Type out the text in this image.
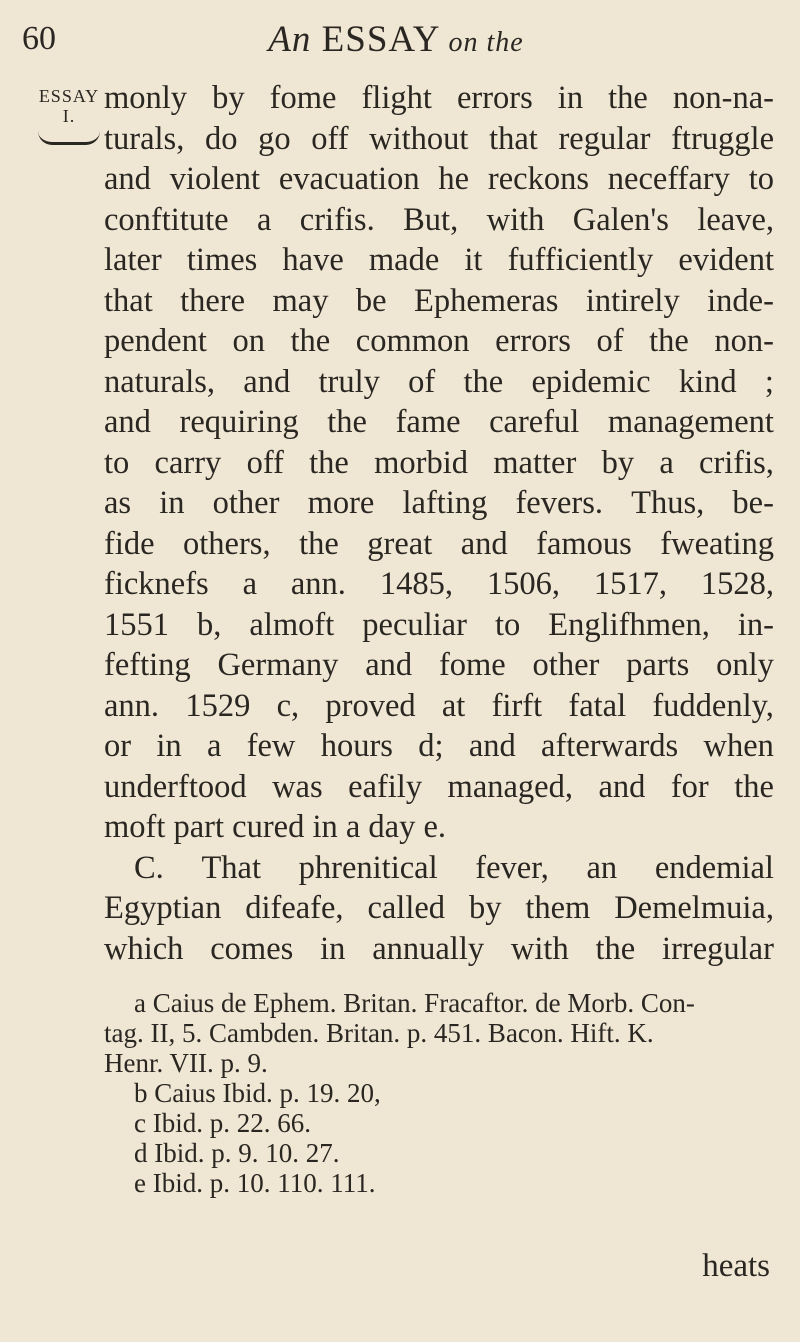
60	An ESSAY on the
ESSAY
I. monly by fome flight errors in the non-na-
turals, do go off without that regular ftruggle
and violent evacuation he reckons neceffary to
conftitute a crifis. But, with Galen's leave,
later times have made it fufficiently evident
that there may be Ephemeras intirely inde-
pendent on the common errors of the non-
naturals, and truly of the epidemic kind ;
and requiring the fame careful management
to carry off the morbid matter by a crifis,
as in other more lafting fevers. Thus, be-
fide others, the great and famous fweating
ficknefs a ann. 1485, 1506, 1517, 1528,
1551 b, almoft peculiar to Englifhmen, in-
fefting Germany and fome other parts only
ann. 1529 c, proved at firft fatal fuddenly,
or in a few hours d; and afterwards when
underftood was eafily managed, and for the
moft part cured in a day e.
C. That phrenitical fever, an endemial
Egyptian difeafe, called by them Demelmuia,
which comes in annually with the irregular
a Caius de Ephem. Britan. Fracaftor. de Morb. Con-
tag. II, 5. Cambden. Britan. p. 451. Bacon. Hift. K.
Henr. VII. p. 9.
b Caius Ibid. p. 19. 20,
c Ibid. p. 22. 66.
d Ibid. p. 9. 10. 27.
e Ibid. p. 10. 110. 111.
heats
